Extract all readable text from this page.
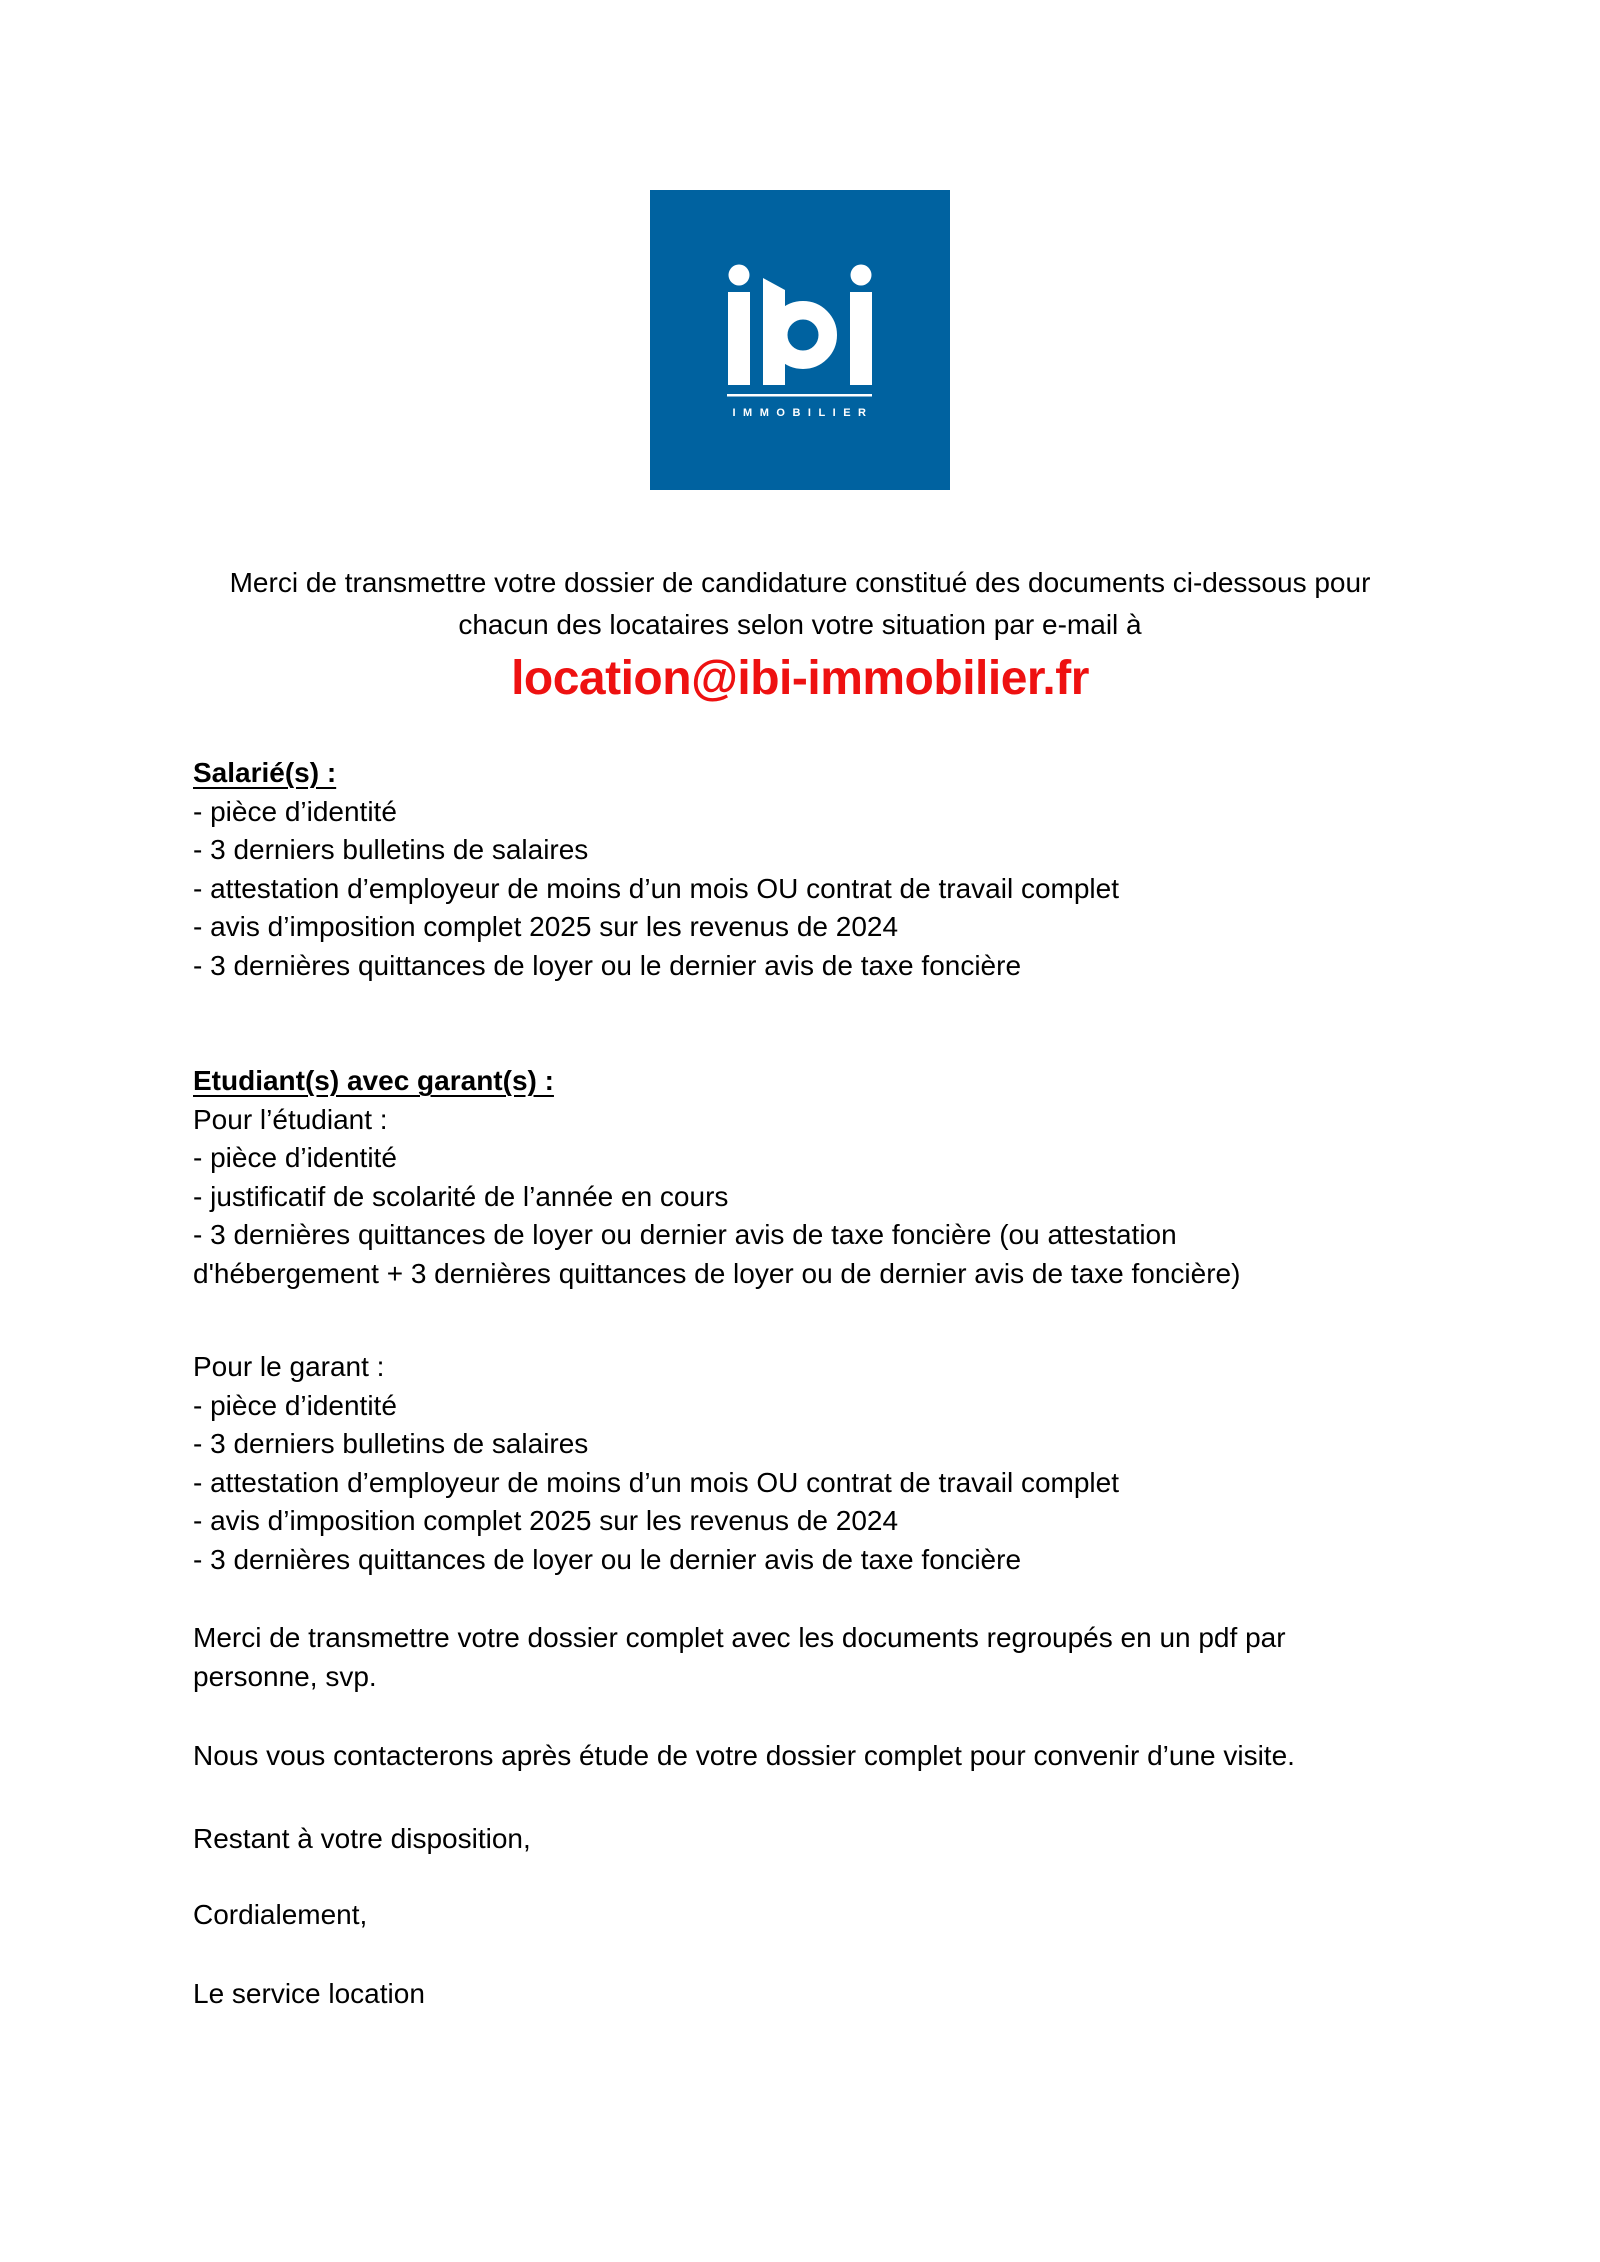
IMMOBILIER
Merci de transmettre votre dossier de candidature constitué des documents ci-dessous pour
chacun des locataires selon votre situation par e-mail à
location@ibi-immobilier.fr
Salarié(s) :
- pièce d’identité
- 3 derniers bulletins de salaires
- attestation d’employeur de moins d’un mois OU contrat de travail complet
- avis d’imposition complet 2025 sur les revenus de 2024
- 3 dernières quittances de loyer ou le dernier avis de taxe foncière
Etudiant(s) avec garant(s) :
Pour l’étudiant :
- pièce d’identité
- justificatif de scolarité de l’année en cours
- 3 dernières quittances de loyer ou dernier avis de taxe foncière (ou attestation
d'hébergement + 3 dernières quittances de loyer ou de dernier avis de taxe foncière)
Pour le garant :
- pièce d’identité
- 3 derniers bulletins de salaires
- attestation d’employeur de moins d’un mois OU contrat de travail complet
- avis d’imposition complet 2025 sur les revenus de 2024
- 3 dernières quittances de loyer ou le dernier avis de taxe foncière
Merci de transmettre votre dossier complet avec les documents regroupés en un pdf par
personne, svp.
Nous vous contacterons après étude de votre dossier complet pour convenir d’une visite.
Restant à votre disposition,
Cordialement,
Le service location
